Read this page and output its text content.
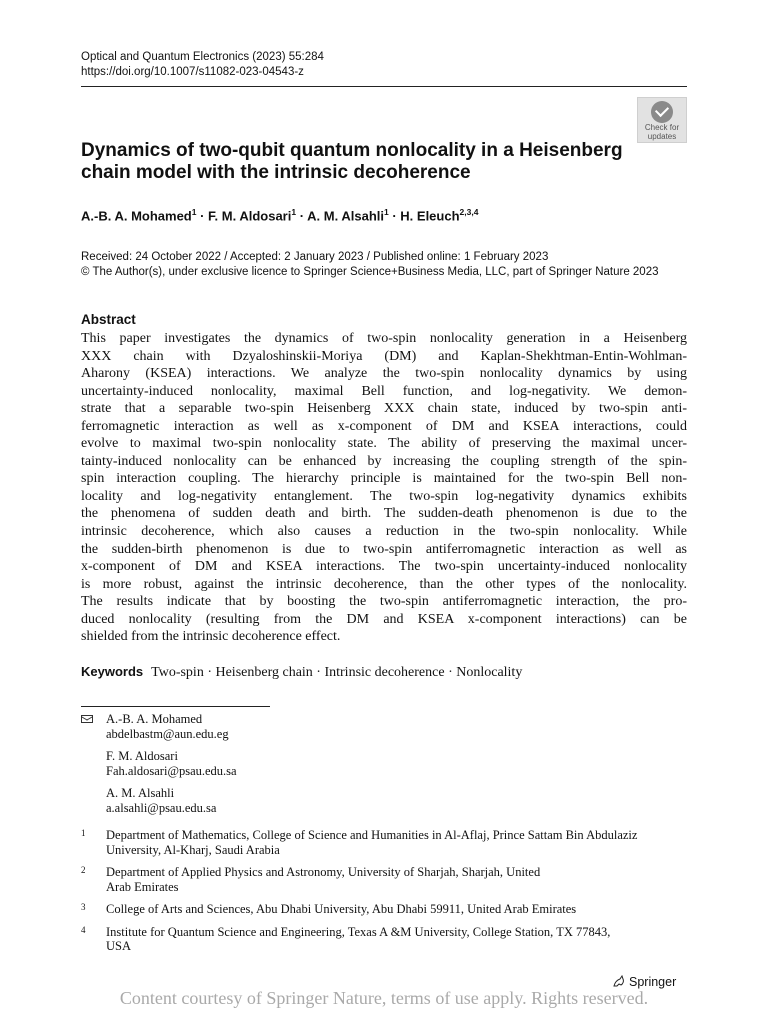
Optical and Quantum Electronics (2023) 55:284
https://doi.org/10.1007/s11082-023-04543-z
Check for
updates
Dynamics of two-qubit quantum nonlocality in a Heisenberg chain model with the intrinsic decoherence
A.-B. A. Mohamed$^1$ · F. M. Aldosari$^1$ · A. M. Alsahli$^1$ · H. Eleuch$^{2,3,4}$
Received: 24 October 2022 / Accepted: 2 January 2023 / Published online: 1 February 2023
© The Author(s), under exclusive licence to Springer Science+Business Media, LLC, part of Springer Nature 2023
Abstract
This paper investigates the dynamics of two-spin nonlocality generation in a Heisenberg
XXX chain with Dzyaloshinskii-Moriya (DM) and Kaplan-Shekhtman-Entin-Wohlman-
Aharony (KSEA) interactions. We analyze the two-spin nonlocality dynamics by using
uncertainty-induced nonlocality, maximal Bell function, and log-negativity. We demon-
strate that a separable two-spin Heisenberg XXX chain state, induced by two-spin anti-
ferromagnetic interaction as well as x-component of DM and KSEA interactions, could
evolve to maximal two-spin nonlocality state. The ability of preserving the maximal uncer-
tainty-induced nonlocality can be enhanced by increasing the coupling strength of the spin-
spin interaction coupling. The hierarchy principle is maintained for the two-spin Bell non-
locality and log-negativity entanglement. The two-spin log-negativity dynamics exhibits
the phenomena of sudden death and birth. The sudden-death phenomenon is due to the
intrinsic decoherence, which also causes a reduction in the two-spin nonlocality. While
the sudden-birth phenomenon is due to two-spin antiferromagnetic interaction as well as
x-component of DM and KSEA interactions. The two-spin uncertainty-induced nonlocality
is more robust, against the intrinsic decoherence, than the other types of the nonlocality.
The results indicate that by boosting the two-spin antiferromagnetic interaction, the pro-
duced nonlocality (resulting from the DM and KSEA x-component interactions) can be
shielded from the intrinsic decoherence effect.
Keywords Two-spin · Heisenberg chain · Intrinsic decoherence · Nonlocality
A.-B. A. Mohamed
abdelbastm@aun.edu.eg
F. M. Aldosari
Fah.aldosari@psau.edu.sa
A. M. Alsahli
a.alsahli@psau.edu.sa
1 Department of Mathematics, College of Science and Humanities in Al-Aflaj, Prince Sattam Bin Abdulaziz University, Al-Kharj, Saudi Arabia
2 Department of Applied Physics and Astronomy, University of Sharjah, Sharjah, United Arab Emirates
3 College of Arts and Sciences, Abu Dhabi University, Abu Dhabi 59911, United Arab Emirates
4 Institute for Quantum Science and Engineering, Texas A &M University, College Station, TX 77843, USA
Springer
Content courtesy of Springer Nature, terms of use apply. Rights reserved.
